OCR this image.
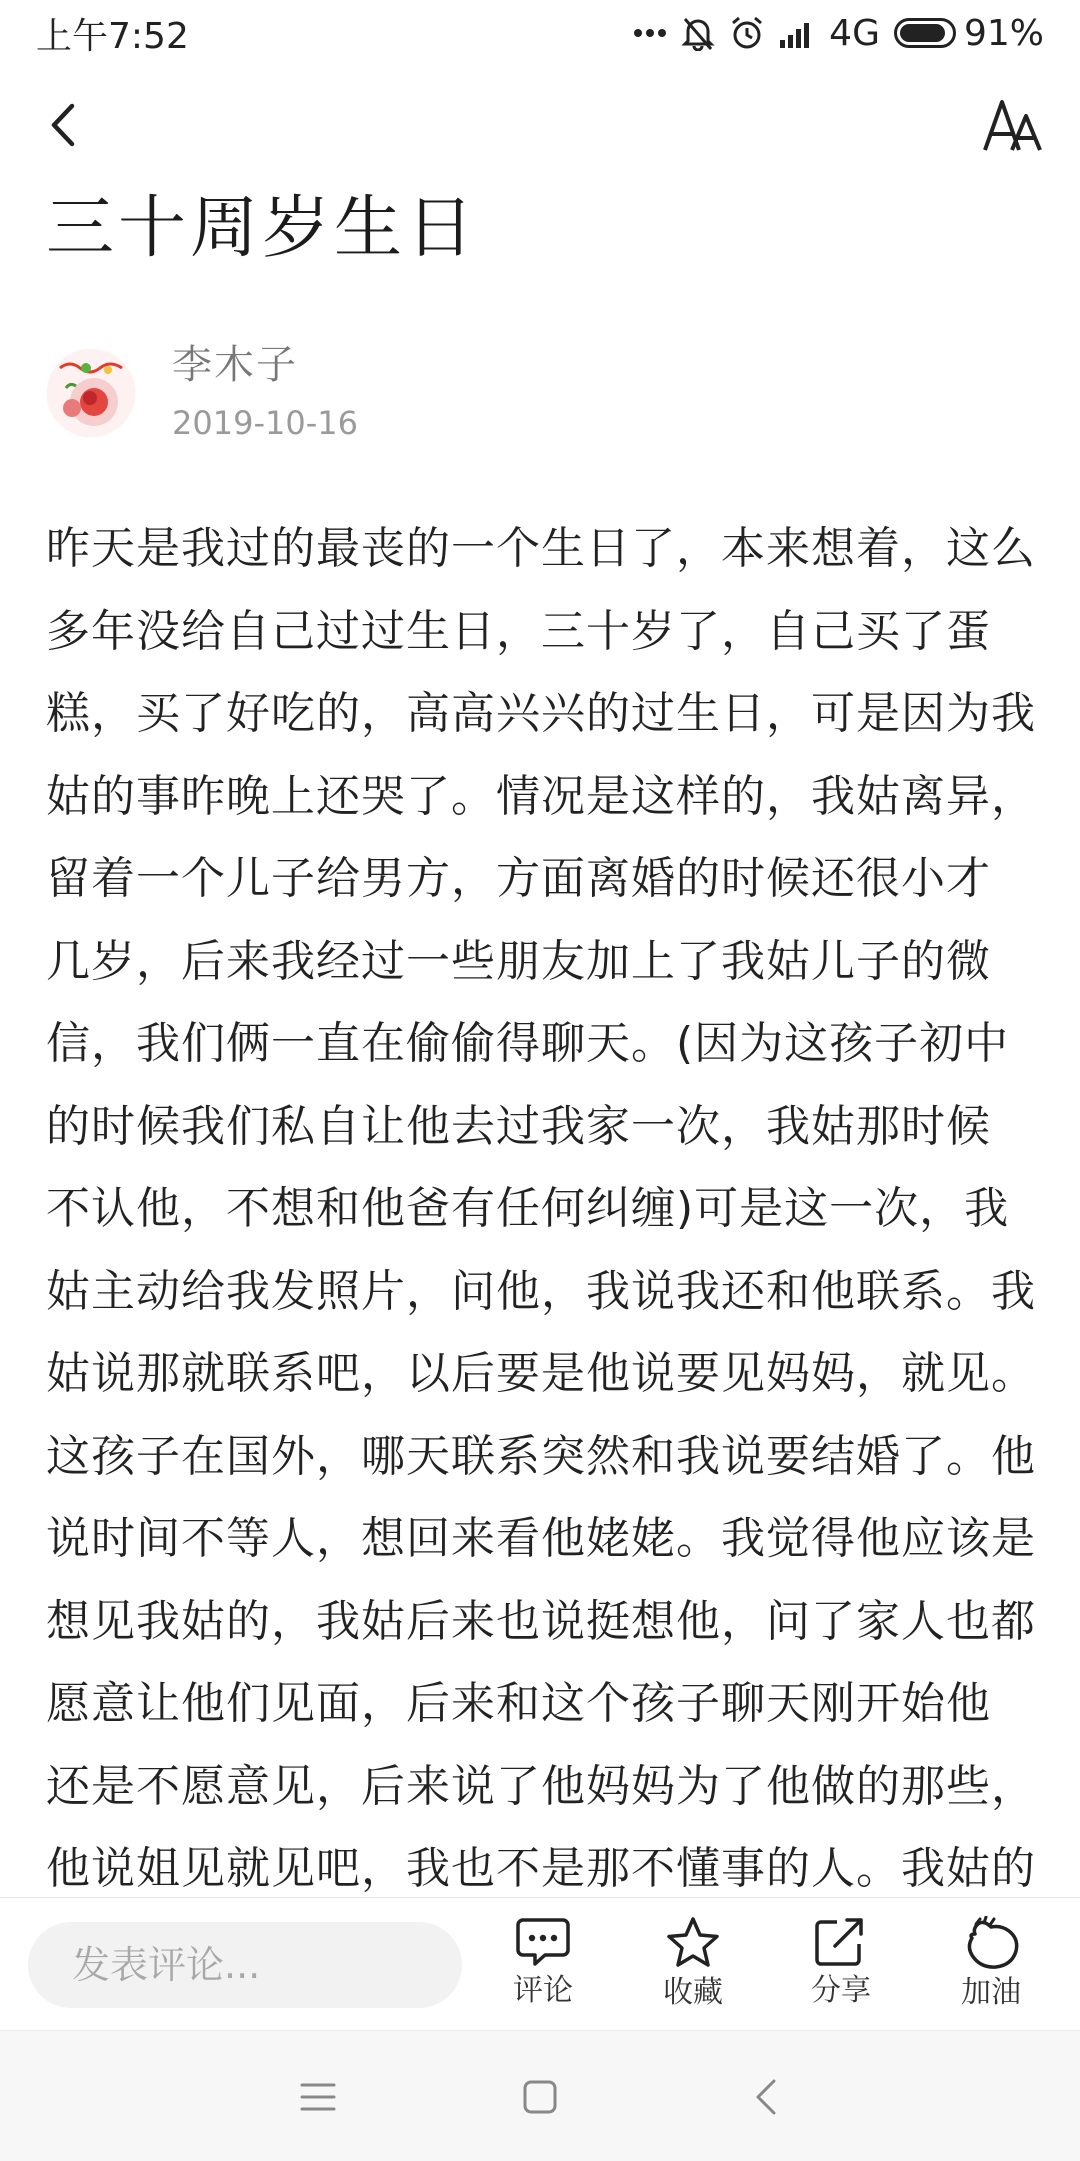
上午7:52	4G 91%
三十周岁生日
李木子
2019-10-16
昨天是我过的最丧的一个生日了，本来想着，这么
多年没给自己过过生日，三十岁了，自己买了蛋
糕，买了好吃的，高高兴兴的过生日，可是因为我
姑的事昨晚上还哭了。情况是这样的，我姑离异，
留着一个儿子给男方，方面离婚的时候还很小才
几岁，后来我经过一些朋友加上了我姑儿子的微
信，我们俩一直在偷偷得聊天。(因为这孩子初中
的时候我们私自让他去过我家一次，我姑那时候
不认他，不想和他爸有任何纠缠)可是这一次，我
姑主动给我发照片，问他，我说我还和他联系。我
姑说那就联系吧，以后要是他说要见妈妈，就见。
这孩子在国外，哪天联系突然和我说要结婚了。他
说时间不等人，想回来看他姥姥。我觉得他应该是
想见我姑的，我姑后来也说挺想他，问了家人也都
愿意让他们见面，后来和这个孩子聊天刚开始他
还是不愿意见，后来说了他妈妈为了他做的那些，
他说姐见就见吧，我也不是那不懂事的人。我姑的
发表评论...
评论	收藏	分享	加油
